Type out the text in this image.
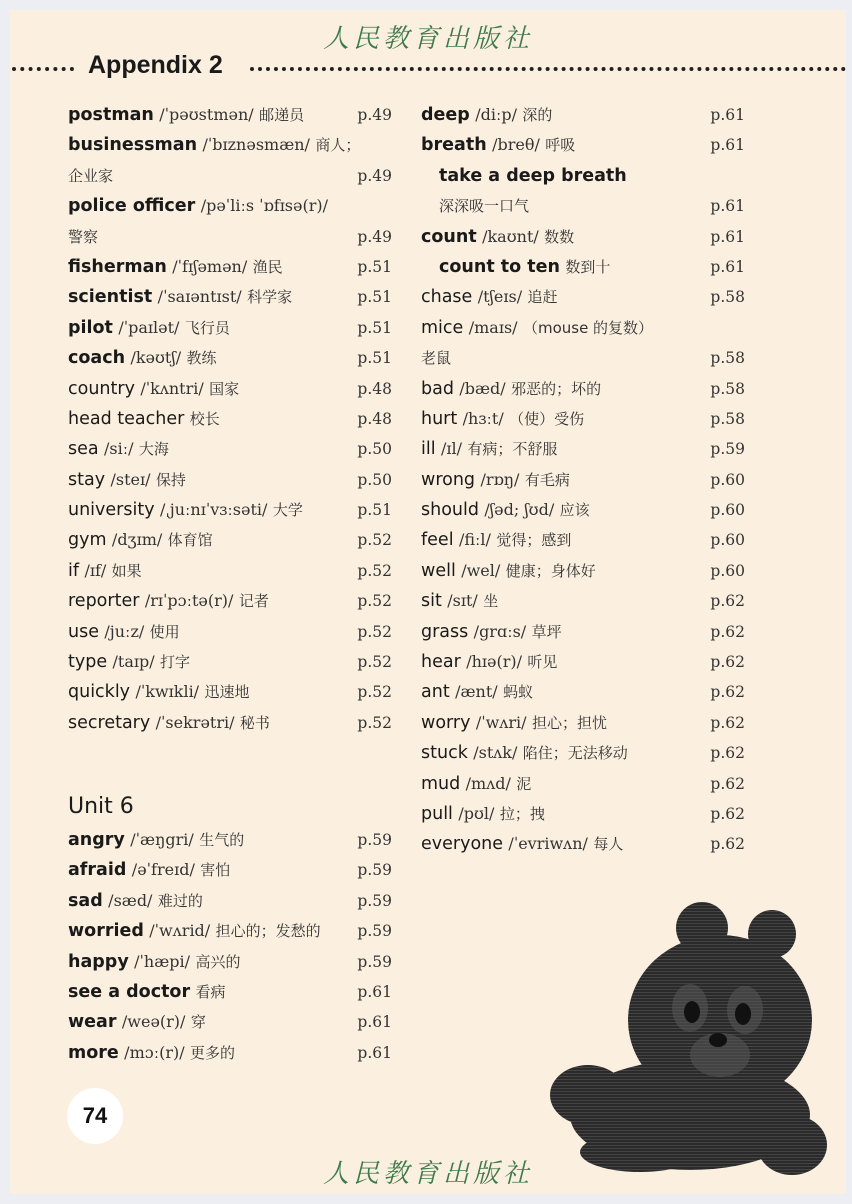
人民教育出版社
Appendix 2
postman /ˈpəʊstmən/ 邮递员	p.49
businessman /ˈbɪznəsmæn/ 商人；
企业家	p.49
police officer /pəˈliːs ˈɒfɪsə(r)/
警察	p.49
fisherman /ˈfɪʃəmən/ 渔民	p.51
scientist /ˈsaɪəntɪst/ 科学家	p.51
pilot /ˈpaɪlət/ 飞行员	p.51
coach /kəʊtʃ/ 教练	p.51
country /ˈkʌntri/ 国家	p.48
head teacher 校长	p.48
sea /siː/ 大海	p.50
stay /steɪ/ 保持	p.50
university /ˌjuːnɪˈvɜːsəti/ 大学	p.51
gym /dʒɪm/ 体育馆	p.52
if /ɪf/ 如果	p.52
reporter /rɪˈpɔːtə(r)/ 记者	p.52
use /juːz/ 使用	p.52
type /taɪp/ 打字	p.52
quickly /ˈkwɪkli/ 迅速地	p.52
secretary /ˈsekrətri/ 秘书	p.52
Unit 6
angry /ˈæŋgri/ 生气的	p.59
afraid /əˈfreɪd/ 害怕	p.59
sad /sæd/ 难过的	p.59
worried /ˈwʌrid/ 担心的；发愁的 p.59
happy /ˈhæpi/ 高兴的	p.59
see a doctor 看病	p.61
wear /weə(r)/ 穿	p.61
more /mɔː(r)/ 更多的	p.61
deep /diːp/ 深的	p.61
breath /breθ/ 呼吸	p.61
take a deep breath
深深吸一口气	p.61
count /kaʊnt/ 数数	p.61
count to ten 数到十	p.61
chase /tʃeɪs/ 追赶	p.58
mice /maɪs/ （mouse 的复数）
老鼠	p.58
bad /bæd/ 邪恶的；坏的	p.58
hurt /hɜːt/ （使）受伤	p.58
ill /ɪl/ 有病；不舒服	p.59
wrong /rɒŋ/ 有毛病	p.60
should /ʃəd; ʃʊd/ 应该	p.60
feel /fiːl/ 觉得；感到	p.60
well /wel/ 健康；身体好	p.60
sit /sɪt/ 坐	p.62
grass /grɑːs/ 草坪	p.62
hear /hɪə(r)/ 听见	p.62
ant /ænt/ 蚂蚁	p.62
worry /ˈwʌri/ 担心；担忧	p.62
stuck /stʌk/ 陷住；无法移动	p.62
mud /mʌd/ 泥	p.62
pull /pʊl/ 拉；拽	p.62
everyone /ˈevriwʌn/ 每人	p.62
74
人民教育出版社
